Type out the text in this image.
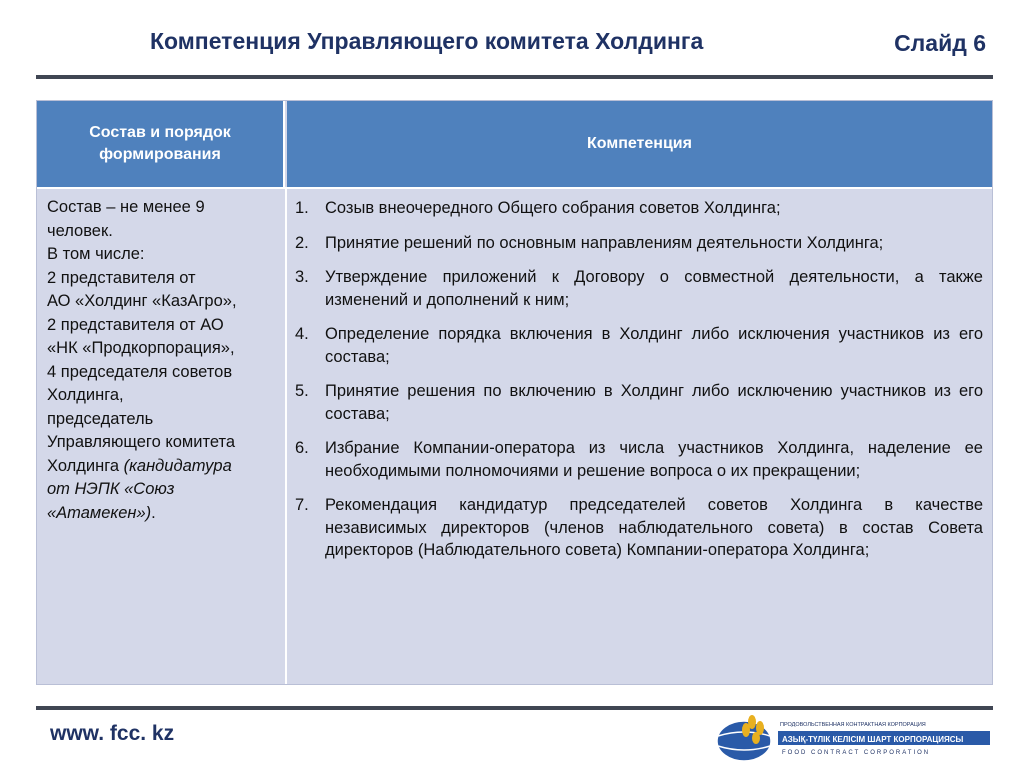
Компетенция Управляющего комитета Холдинга	Слайд 6
Состав и порядок формирования
Компетенция
Состав – не менее 9
человек.
В том числе:
2 представителя от
АО «Холдинг «КазАгро»,
2 представителя от АО
«НК «Продкорпорация»,
4 председателя советов
Холдинга,
председатель
Управляющего комитета
Холдинга (кандидатура
от НЭПК «Союз
«Атамекен»).
1. Созыв внеочередного Общего собрания советов Холдинга;
2. Принятие решений по основным направлениям деятельности Холдинга;
3. Утверждение приложений к Договору о совместной деятельности, а также изменений и дополнений к ним;
4. Определение порядка включения в Холдинг либо исключения участников из его состава;
5. Принятие решения по включению в Холдинг либо исключению участников из его состава;
6. Избрание Компании-оператора из числа участников Холдинга, наделение ее необходимыми полномочиями и решение вопроса о их прекращении;
7. Рекомендация кандидатур председателей советов Холдинга в качестве независимых директоров (членов наблюдательного совета) в состав Совета директоров (Наблюдательного совета) Компании-оператора Холдинга;
www. fcc. kz	ПРОДОВОЛЬСТВЕННАЯ КОНТРАКТНАЯ КОРПОРАЦИЯ
АЗЫҚ-ТҮЛІК КЕЛІСІМ ШАРТ КОРПОРАЦИЯСЫ
FOOD CONTRACT CORPORATION
